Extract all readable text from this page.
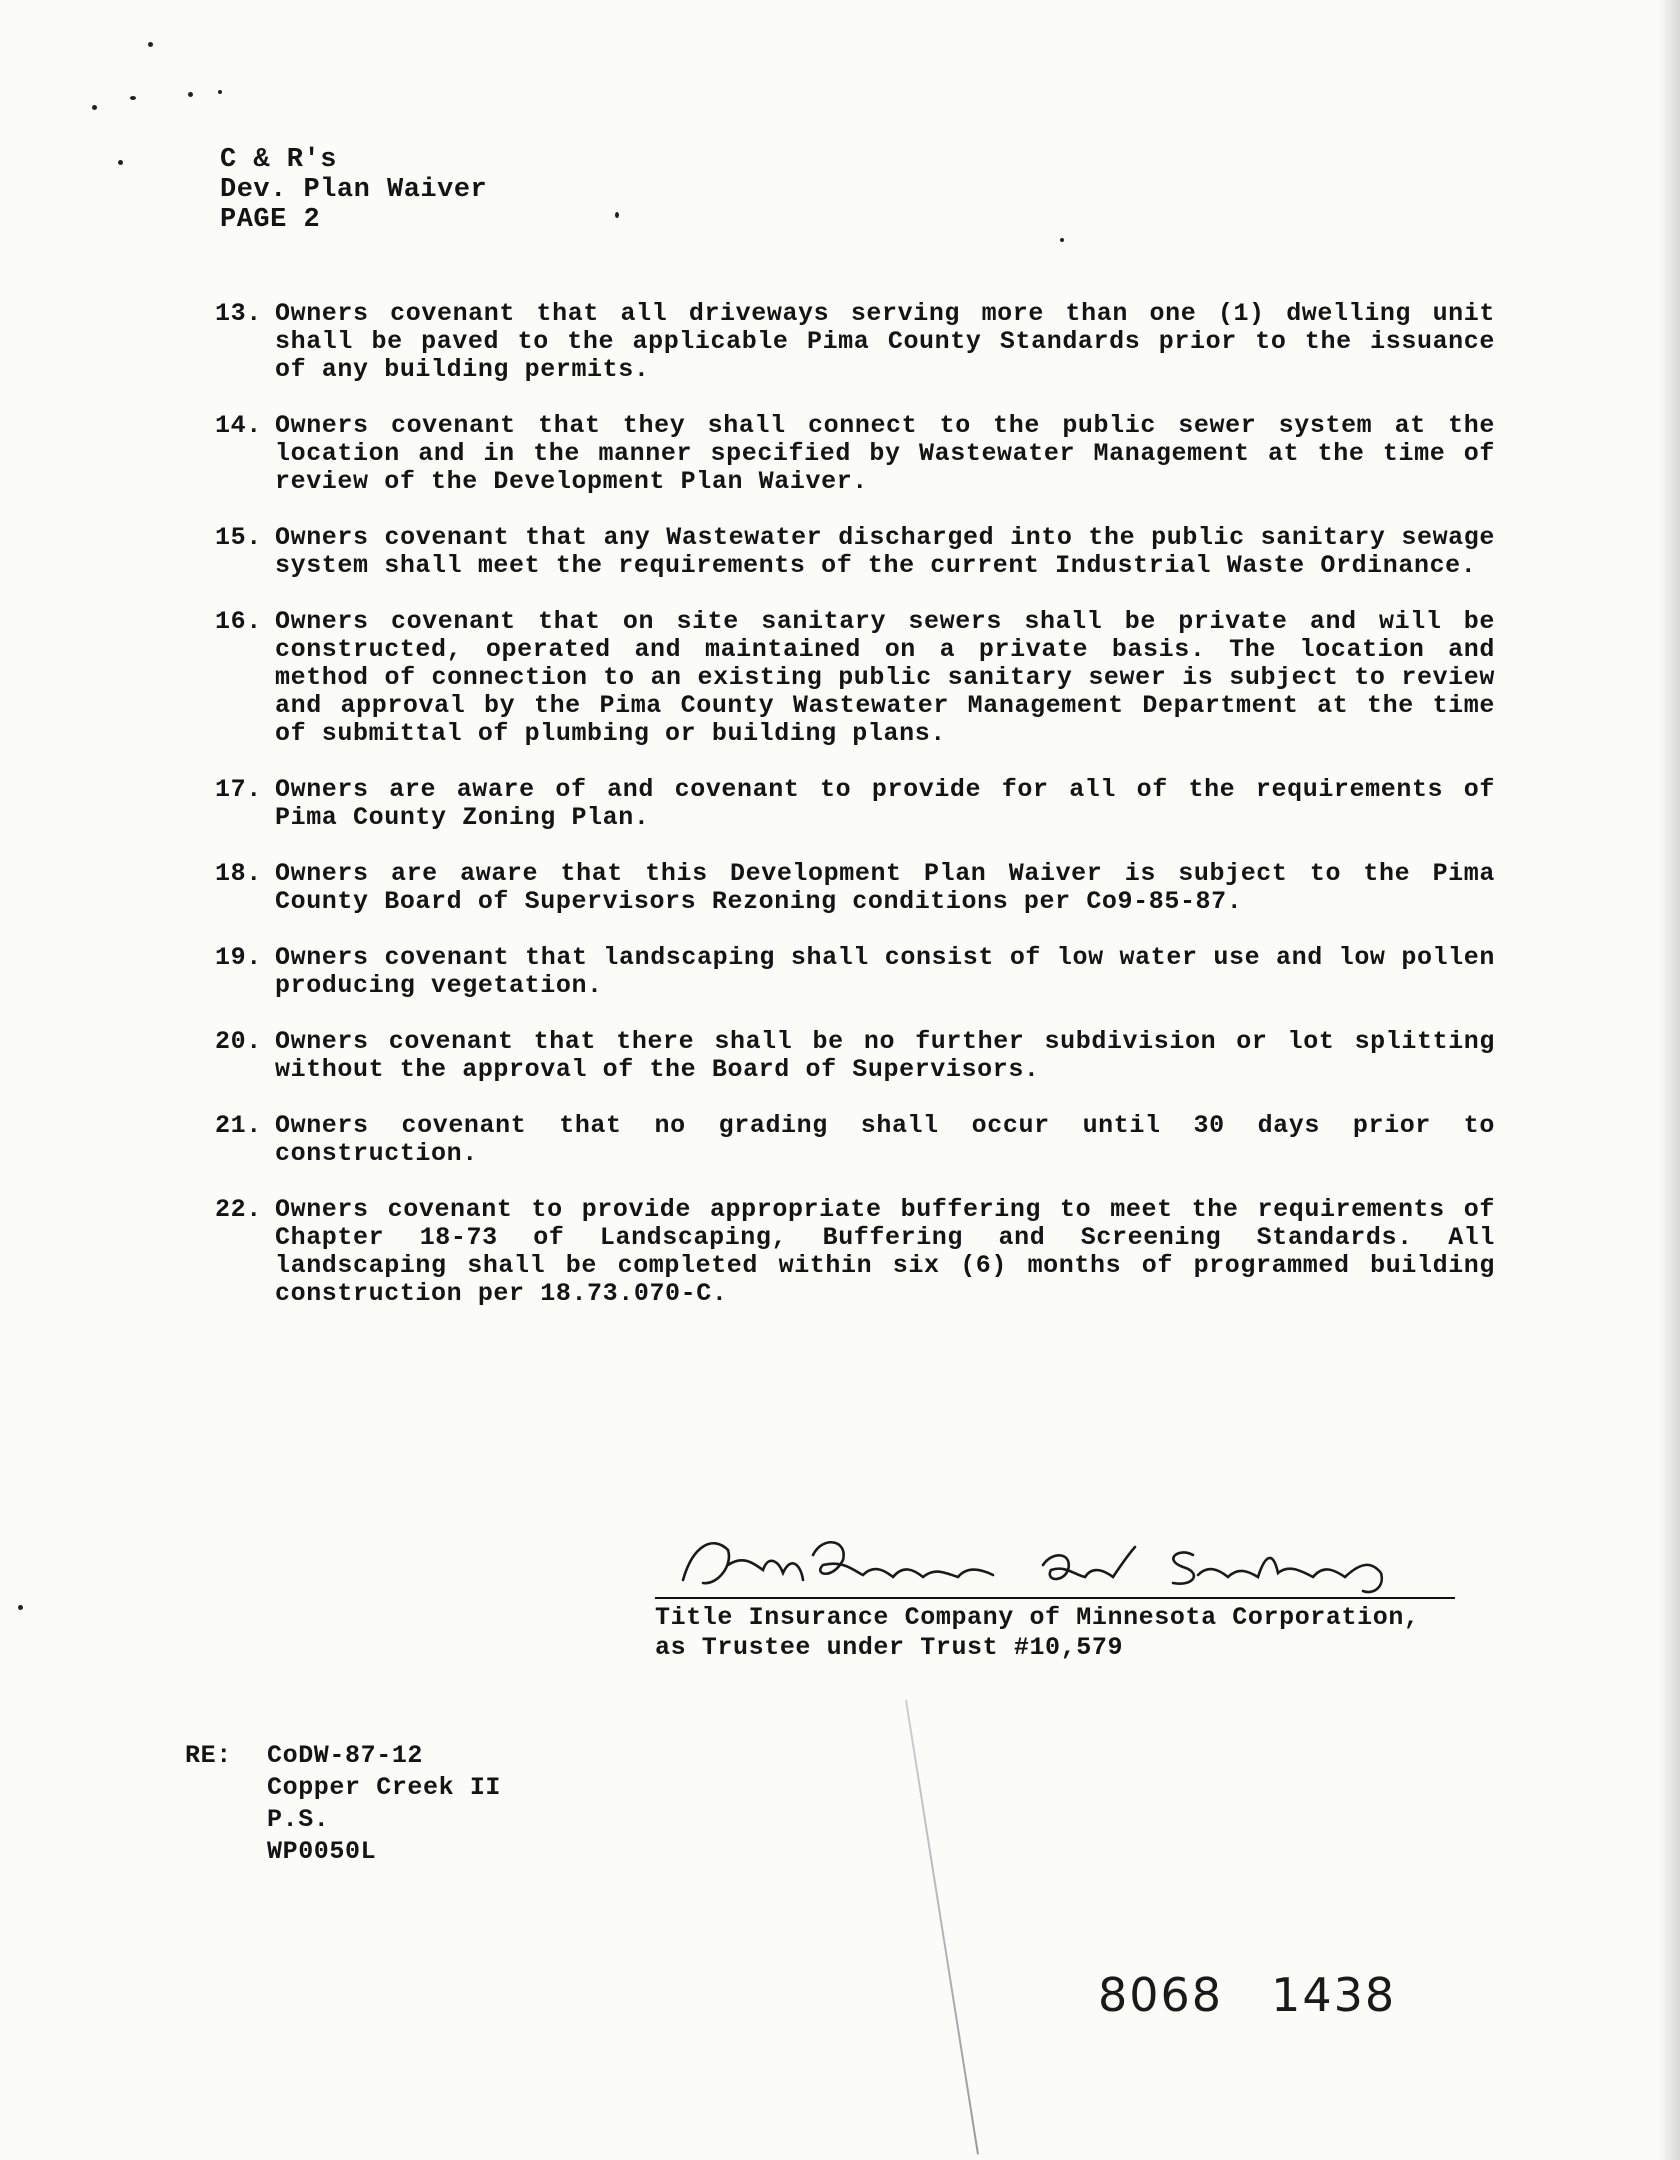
C & R's
Dev. Plan Waiver
PAGE 2
13. Owners covenant that all driveways serving more than one (1) dwelling unit shall be paved to the applicable Pima County Standards prior to the issuance of any building permits.
14. Owners covenant that they shall connect to the public sewer system at the location and in the manner specified by Wastewater Management at the time of review of the Development Plan Waiver.
15. Owners covenant that any Wastewater discharged into the public sanitary sewage system shall meet the requirements of the current Industrial Waste Ordinance.
16. Owners covenant that on site sanitary sewers shall be private and will be constructed, operated and maintained on a private basis. The location and method of connection to an existing public sanitary sewer is subject to review and approval by the Pima County Wastewater Management Department at the time of submittal of plumbing or building plans.
17. Owners are aware of and covenant to provide for all of the requirements of Pima County Zoning Plan.
18. Owners are aware that this Development Plan Waiver is subject to the Pima County Board of Supervisors Rezoning conditions per Co9-85-87.
19. Owners covenant that landscaping shall consist of low water use and low pollen producing vegetation.
20. Owners covenant that there shall be no further subdivision or lot splitting without the approval of the Board of Supervisors.
21. Owners covenant that no grading shall occur until 30 days prior to construction.
22. Owners covenant to provide appropriate buffering to meet the requirements of Chapter 18-73 of Landscaping, Buffering and Screening Standards. All landscaping shall be completed within six (6) months of programmed building construction per 18.73.070-C.
Title Insurance Company of Minnesota Corporation,
as Trustee under Trust #10,579
RE:	CoDW-87-12
Copper Creek II
P.S.
WP0050L
8068 1438
